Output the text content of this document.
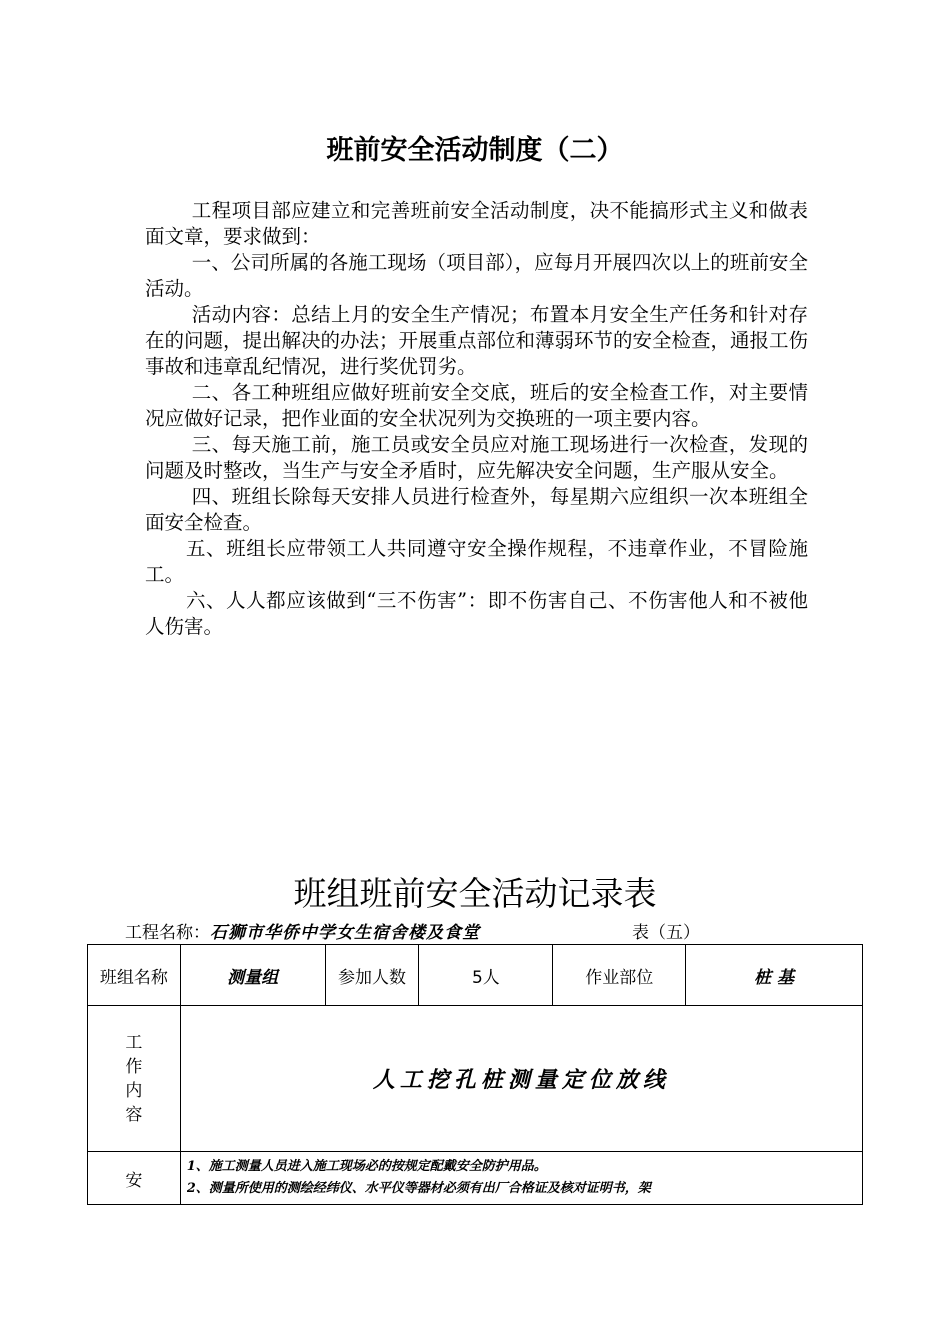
班前安全活动制度（二）

工程项目部应建立和完善班前安全活动制度，决不能搞形式主义和做表面文章，要求做到：

一、公司所属的各施工现场（项目部），应每月开展四次以上的班前安全活动。

活动内容：总结上月的安全生产情况；布置本月安全生产任务和针对存在的问题，提出解决的办法；开展重点部位和薄弱环节的安全检查，通报工伤事故和违章乱纪情况，进行奖优罚劣。

二、各工种班组应做好班前安全交底，班后的安全检查工作，对主要情况应做好记录，把作业面的安全状况列为交换班的一项主要内容。

三、每天施工前，施工员或安全员应对施工现场进行一次检查，发现的问题及时整改，当生产与安全矛盾时，应先解决安全问题，生产服从安全。

四、班组长除每天安排人员进行检查外，每星期六应组织一次本班组全面安全检查。

五、班组长应带领工人共同遵守安全操作规程，不违章作业，不冒险施工。

六、人人都应该做到“三不伤害”：即不伤害自己、不伤害他人和不被他人伤害。

班组班前安全活动记录表
工程名称：石狮市华侨中学女生宿舍楼及食堂	表（五）
班组名称	测量组	参加人数	5人	作业部位	桩 基

工
作
内
容	人工挖孔桩测量定位放线				
安	1、施工测量人员进入施工现场必的按规定配戴安全防护用品。
2、测量所使用的测绘经纬仪、水平仪等器材必须有出厂合格证及核对证明书，架				
